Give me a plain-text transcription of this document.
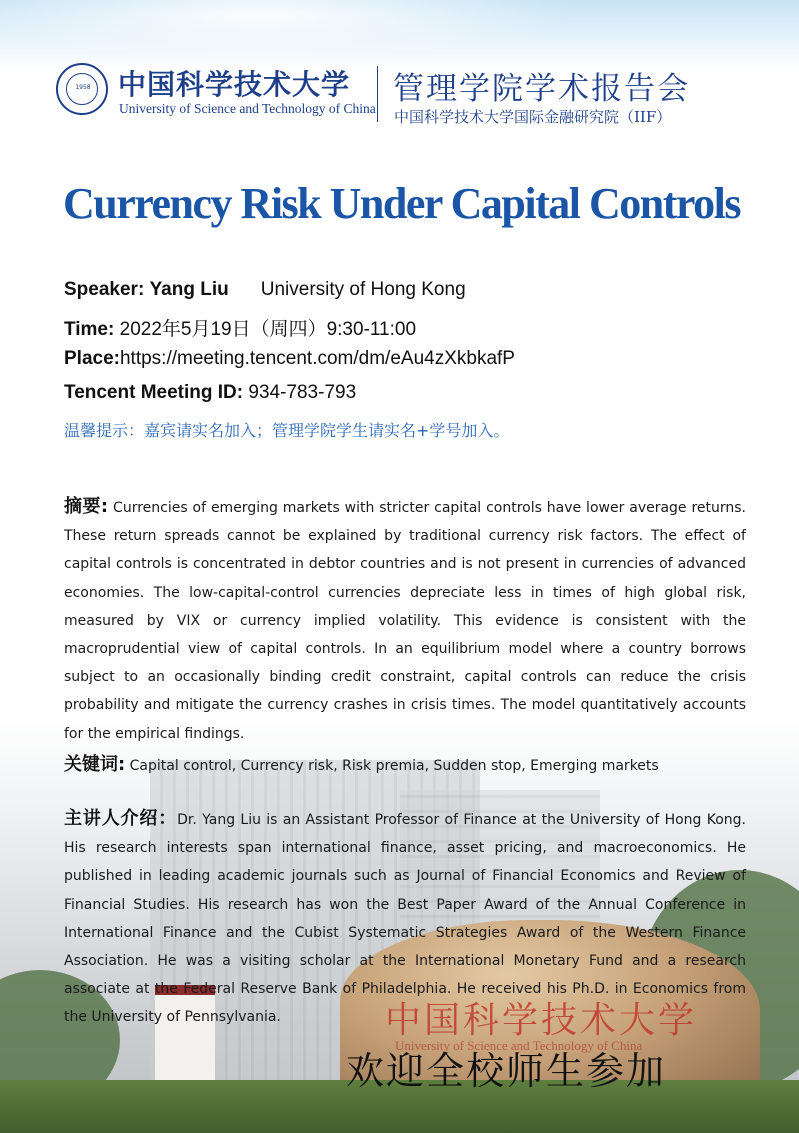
中国科学技术大学
University of Science and Technology of China
1958 中国科学技术大学
University of Science and Technology of China
管理学院学术报告会
中国科学技术大学国际金融研究院（IIF）
Currency Risk Under Capital Controls
Speaker: Yang Liu University of Hong Kong
Time: 2022年5月19日（周四）9:30-11:00
Place:https://meeting.tencent.com/dm/eAu4zXkbkafP
Tencent Meeting ID: 934-783-793
温馨提示：嘉宾请实名加入；管理学院学生请实名+学号加入。
摘要: Currencies of emerging markets with stricter capital controls have lower average returns. These return spreads cannot be explained by traditional currency risk factors. The effect of capital controls is concentrated in debtor countries and is not present in currencies of advanced economies. The low-capital-control currencies depreciate less in times of high global risk, measured by VIX or currency implied volatility. This evidence is consistent with the macroprudential view of capital controls. In an equilibrium model where a country borrows subject to an occasionally binding credit constraint, capital controls can reduce the crisis probability and mitigate the currency crashes in crisis times. The model quantitatively accounts for the empirical findings.
关键词: Capital control, Currency risk, Risk premia, Sudden stop, Emerging markets
主讲人介绍：Dr. Yang Liu is an Assistant Professor of Finance at the University of Hong Kong. His research interests span international finance, asset pricing, and macroeconomics. He published in leading academic journals such as Journal of Financial Economics and Review of Financial Studies. His research has won the Best Paper Award of the Annual Conference in International Finance and the Cubist Systematic Strategies Award of the Western Finance Association. He was a visiting scholar at the International Monetary Fund and a research associate at the Federal Reserve Bank of Philadelphia. He received his Ph.D. in Economics from the University of Pennsylvania.
欢迎全校师生参加
